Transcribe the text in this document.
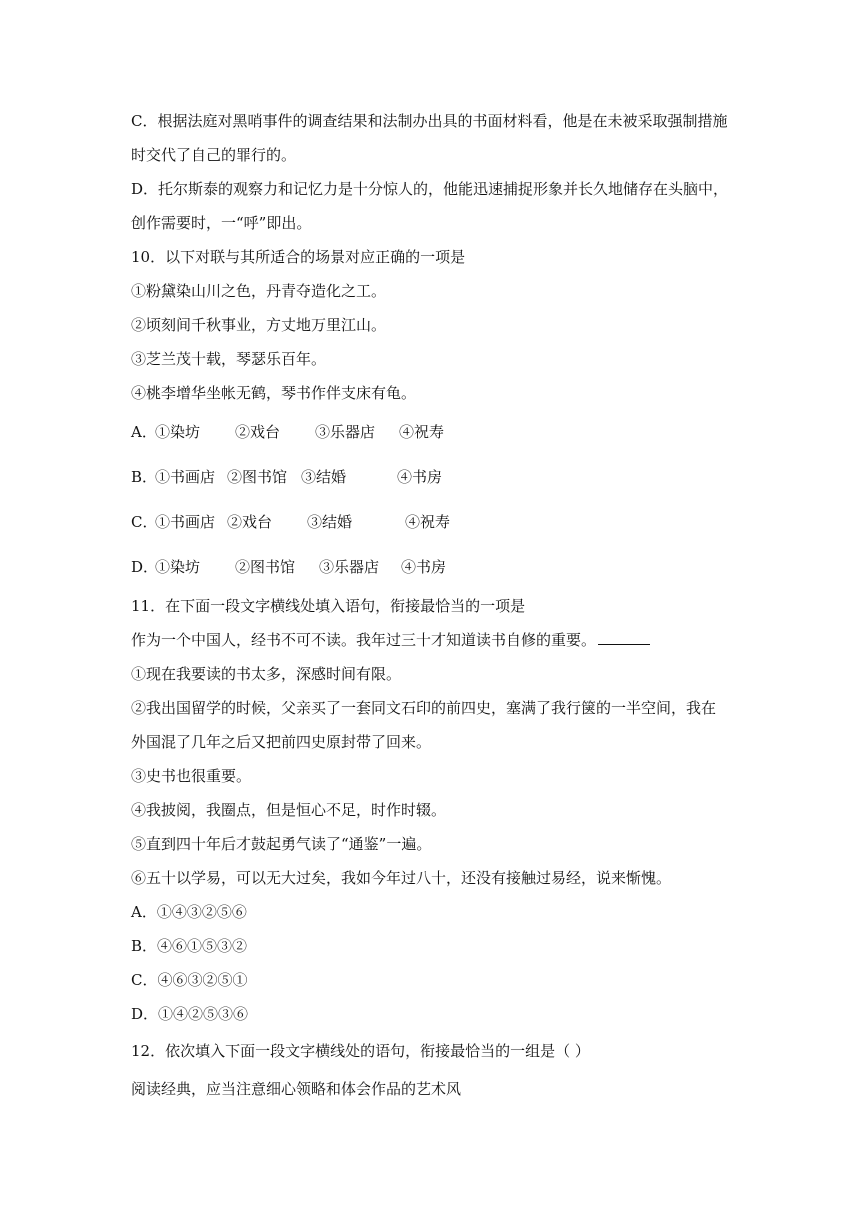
C．根据法庭对黑哨事件的调查结果和法制办出具的书面材料看，他是在未被采取强制措施
时交代了自己的罪行的。
D．托尔斯泰的观察力和记忆力是十分惊人的，他能迅速捕捉形象并长久地储存在头脑中，
创作需要时，一“呼”即出。
10．以下对联与其所适合的场景对应正确的一项是
①粉黛染山川之色，丹青夺造化之工。
②顷刻间千秋事业，方丈地万里江山。
③芝兰茂十载，琴瑟乐百年。
④桃李增华坐帐无鹤，琴书作伴支床有龟。
A．
①染坊 ②戏台 ③乐器店 ④祝寿
B．
①书画店 ②图书馆 ③结婚	④书房
C．
①书画店 ②戏台 ③结婚	④祝寿
D．
①染坊 ②图书馆 ③乐器店 ④书房
11．在下面一段文字横线处填入语句，衔接最恰当的一项是
作为一个中国人，经书不可不读。我年过三十才知道读书自修的重要。
①现在我要读的书太多，深感时间有限。
②我出国留学的时候，父亲买了一套同文石印的前四史，塞满了我行箧的一半空间，我在
外国混了几年之后又把前四史原封带了回来。
③史书也很重要。
④我披阅，我圈点，但是恒心不足，时作时辍。
⑤直到四十年后才鼓起勇气读了“通鉴”一遍。
⑥五十以学易，可以无大过矣，我如今年过八十，还没有接触过易经，说来惭愧。
A．①④③②⑤⑥
B．④⑥①⑤③②
C．④⑥③②⑤①
D．①④②⑤③⑥
12．依次填入下面一段文字横线处的语句，衔接最恰当的一组是（ ）
阅读经典，应当注意细心领略和体会作品的艺术风
